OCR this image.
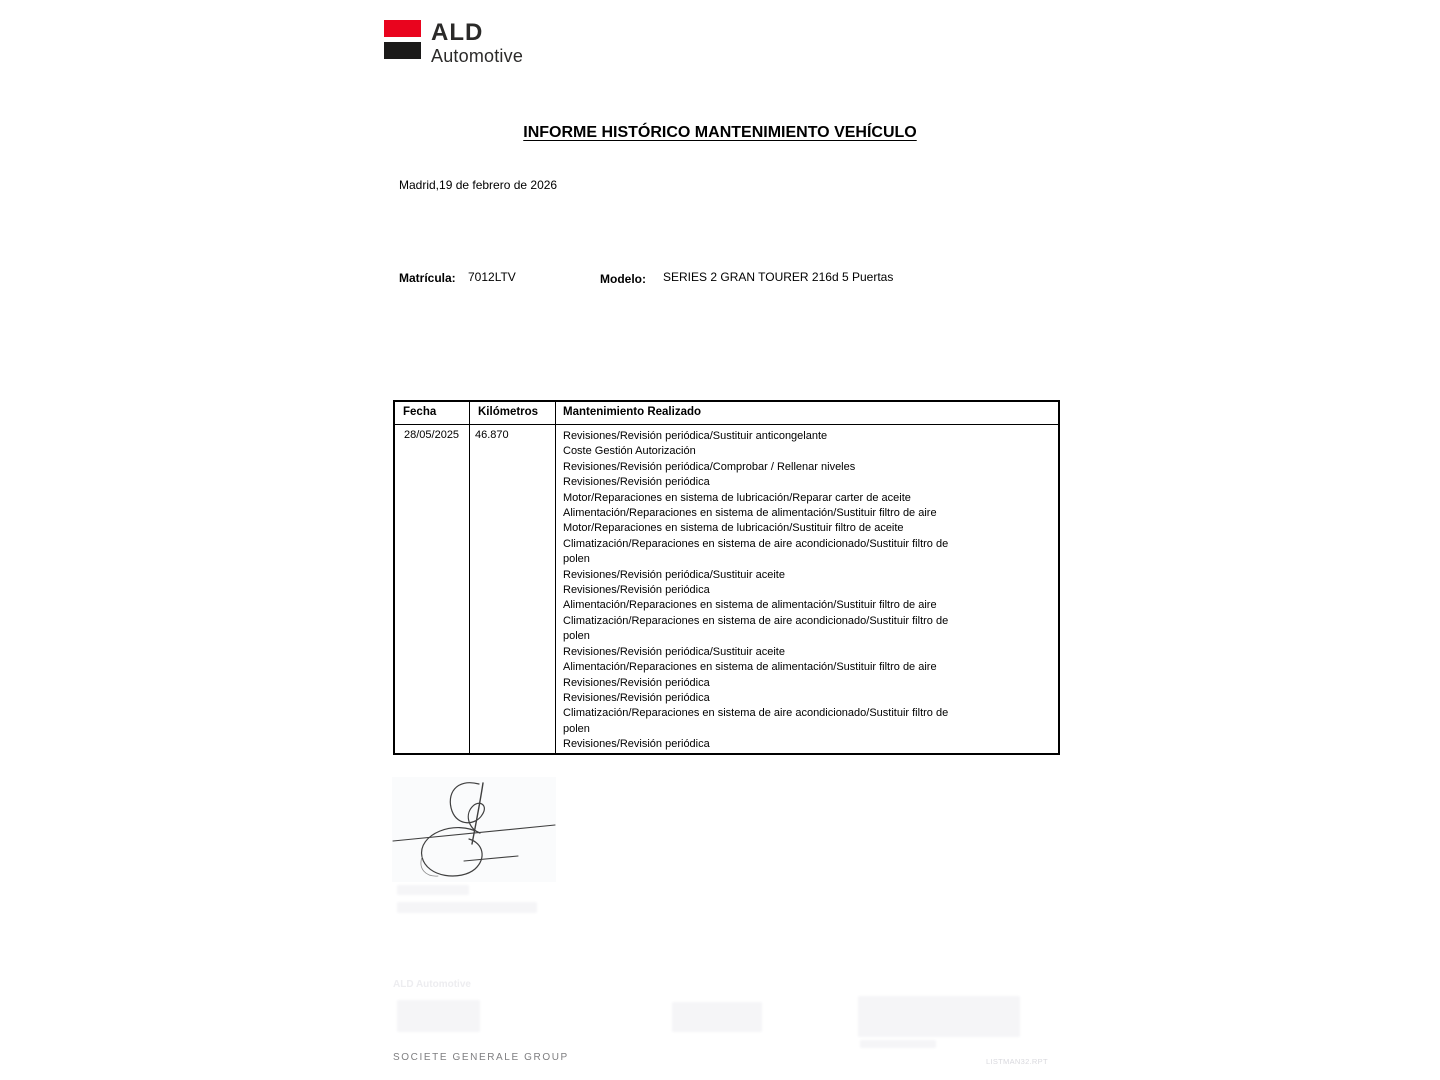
ALD
Automotive
INFORME HISTÓRICO MANTENIMIENTO VEHÍCULO
Madrid,19 de febrero de 2026
Matrícula: 7012LTV	Modelo: SERIES 2 GRAN TOURER 216d 5 Puertas
Fecha	Kilómetros	Mantenimiento Realizado
28/05/2025	46.870	Revisiones/Revisión periódica/Sustituir anticongelante
Coste Gestión Autorización
Revisiones/Revisión periódica/Comprobar / Rellenar niveles
Revisiones/Revisión periódica
Motor/Reparaciones en sistema de lubricación/Reparar carter de aceite
Alimentación/Reparaciones en sistema de alimentación/Sustituir filtro de aire
Motor/Reparaciones en sistema de lubricación/Sustituir filtro de aceite
Climatización/Reparaciones en sistema de aire acondicionado/Sustituir filtro de polen
Revisiones/Revisión periódica/Sustituir aceite
Revisiones/Revisión periódica
Alimentación/Reparaciones en sistema de alimentación/Sustituir filtro de aire
Climatización/Reparaciones en sistema de aire acondicionado/Sustituir filtro de polen
Revisiones/Revisión periódica/Sustituir aceite
Alimentación/Reparaciones en sistema de alimentación/Sustituir filtro de aire
Revisiones/Revisión periódica
Revisiones/Revisión periódica
Climatización/Reparaciones en sistema de aire acondicionado/Sustituir filtro de polen
Revisiones/Revisión periódica
ALD Automotive
SOCIETE GENERALE GROUP	LISTMAN32.RPT
